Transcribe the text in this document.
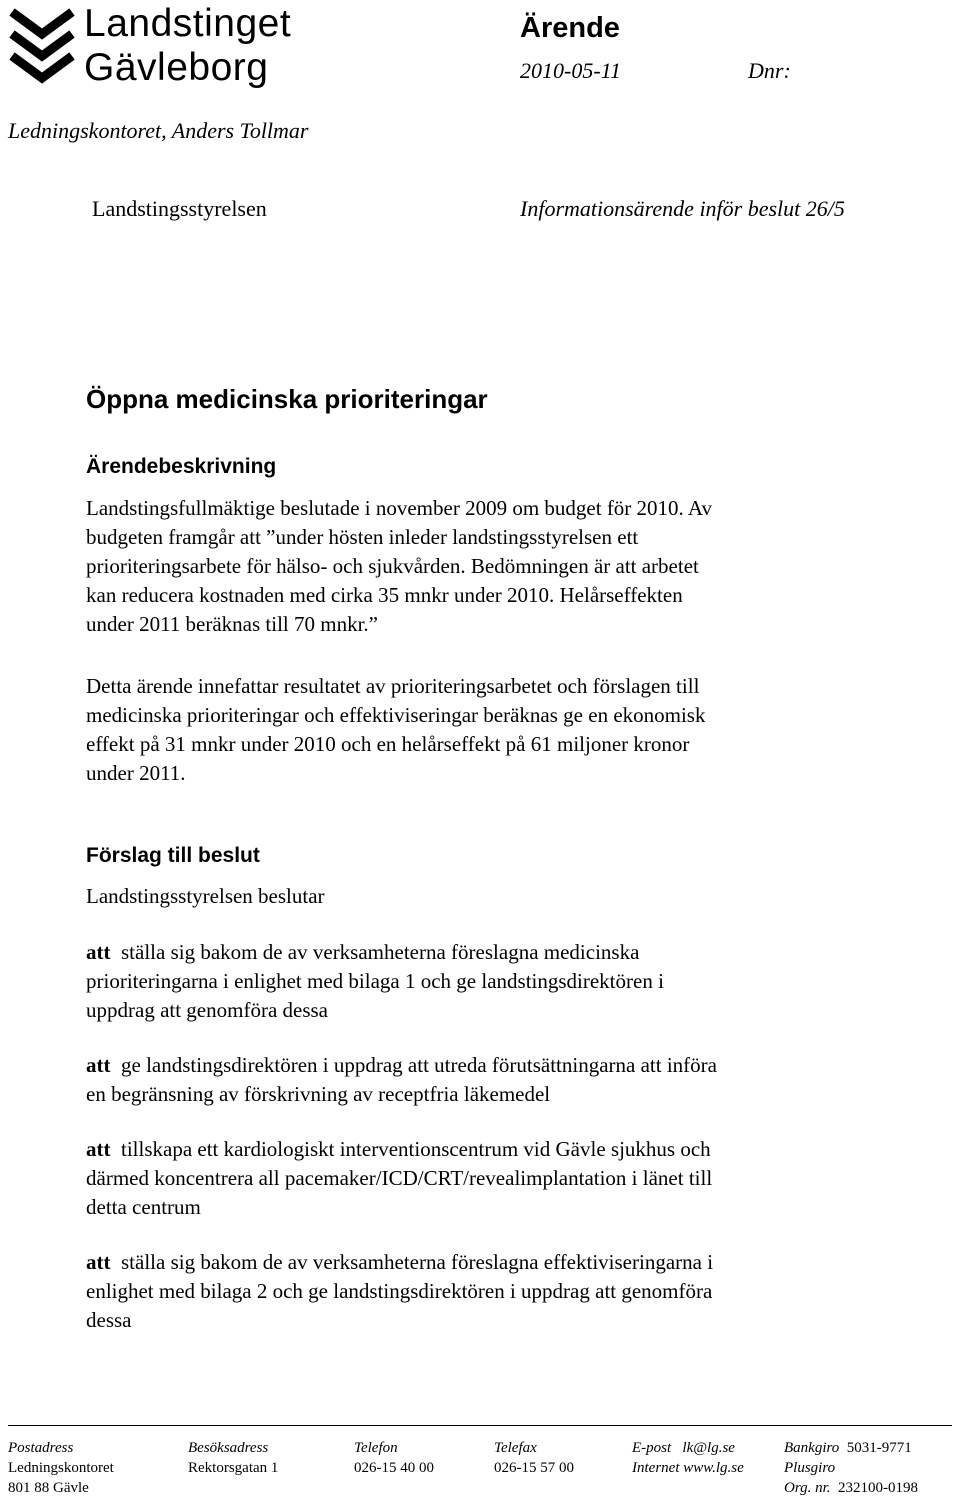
Landstinget
Gävleborg
Ärende
2010-05-11	Dnr:
Ledningskontoret, Anders Tollmar
Landstingsstyrelsen	Informationsärende inför beslut 26/5
Öppna medicinska prioriteringar
Ärendebeskrivning

Landstingsfullmäktige beslutade i november 2009 om budget för 2010. Av

budgeten framgår att ”under hösten inleder landstingsstyrelsen ett

prioriteringsarbete för hälso- och sjukvården. Bedömningen är att arbetet

kan reducera kostnaden med cirka 35 mnkr under 2010. Helårseffekten

under 2011 beräknas till 70 mnkr.”

Detta ärende innefattar resultatet av prioriteringsarbetet och förslagen till

medicinska prioriteringar och effektiviseringar beräknas ge en ekonomisk

effekt på 31 mnkr under 2010 och en helårseffekt på 61 miljoner kronor

under 2011.

Förslag till beslut
Landstingsstyrelsen beslutar

att ställa sig bakom de av verksamheterna föreslagna medicinska

prioriteringarna i enlighet med bilaga 1 och ge landstingsdirektören i

uppdrag att genomföra dessa

att ge landstingsdirektören i uppdrag att utreda förutsättningarna att införa

en begränsning av förskrivning av receptfria läkemedel

att tillskapa ett kardiologiskt interventionscentrum vid Gävle sjukhus och

därmed koncentrera all pacemaker/ICD/CRT/revealimplantation i länet till

detta centrum

att ställa sig bakom de av verksamheterna föreslagna effektiviseringarna i

enlighet med bilaga 2 och ge landstingsdirektören i uppdrag att genomföra

dessa

Postadress
Ledningskontoret
801 88 Gävle
Besöksadress
Rektorsgatan 1
Telefon
026-15 40 00
Telefax
026-15 57 00
E-post lk@lg.se
Internet www.lg.se
Bankgiro 5031-9771
Plusgiro
Org. nr. 232100-0198
